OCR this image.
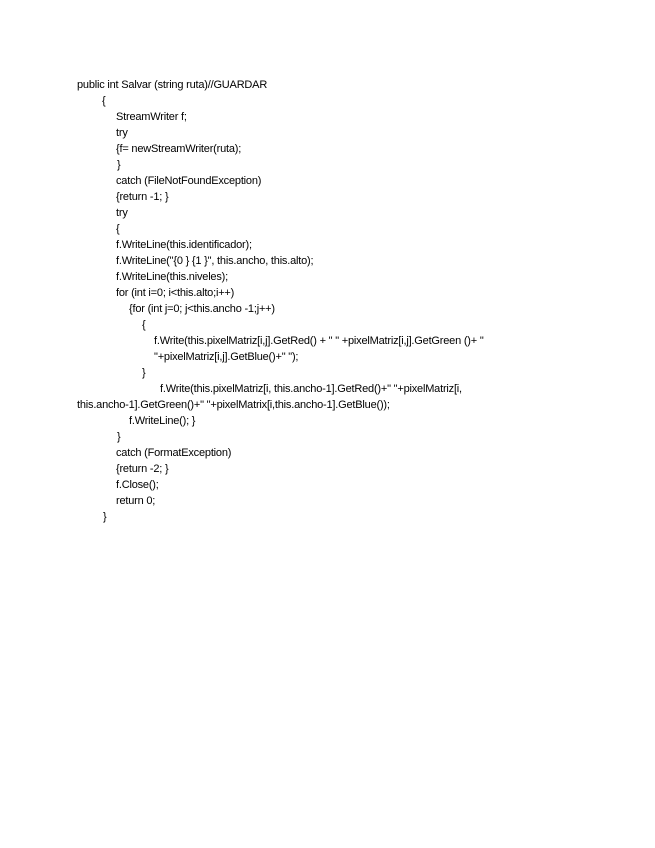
public int Salvar (string ruta)//GUARDAR
{
StreamWriter f;
try
{f= newStreamWriter(ruta);
}
catch (FileNotFoundException)
{return -1; }
try
{
f.WriteLine(this.identificador);
f.WriteLine("{0 } {1 }", this.ancho, this.alto);
f.WriteLine(this.niveles);
for (int i=0; i<this.alto;i++)
{for (int j=0; j<this.ancho -1;j++)
{
f.Write(this.pixelMatriz[i,j].GetRed() + " " +pixelMatriz[i,j].GetGreen ()+ "
"+pixelMatriz[i,j].GetBlue()+" ");
}
f.Write(this.pixelMatriz[i, this.ancho-1].GetRed()+" "+pixelMatriz[i,
this.ancho-1].GetGreen()+" "+pixelMatrix[i,this.ancho-1].GetBlue());
f.WriteLine(); }
}
catch (FormatException)
{return -2; }
f.Close();
return 0;
}
